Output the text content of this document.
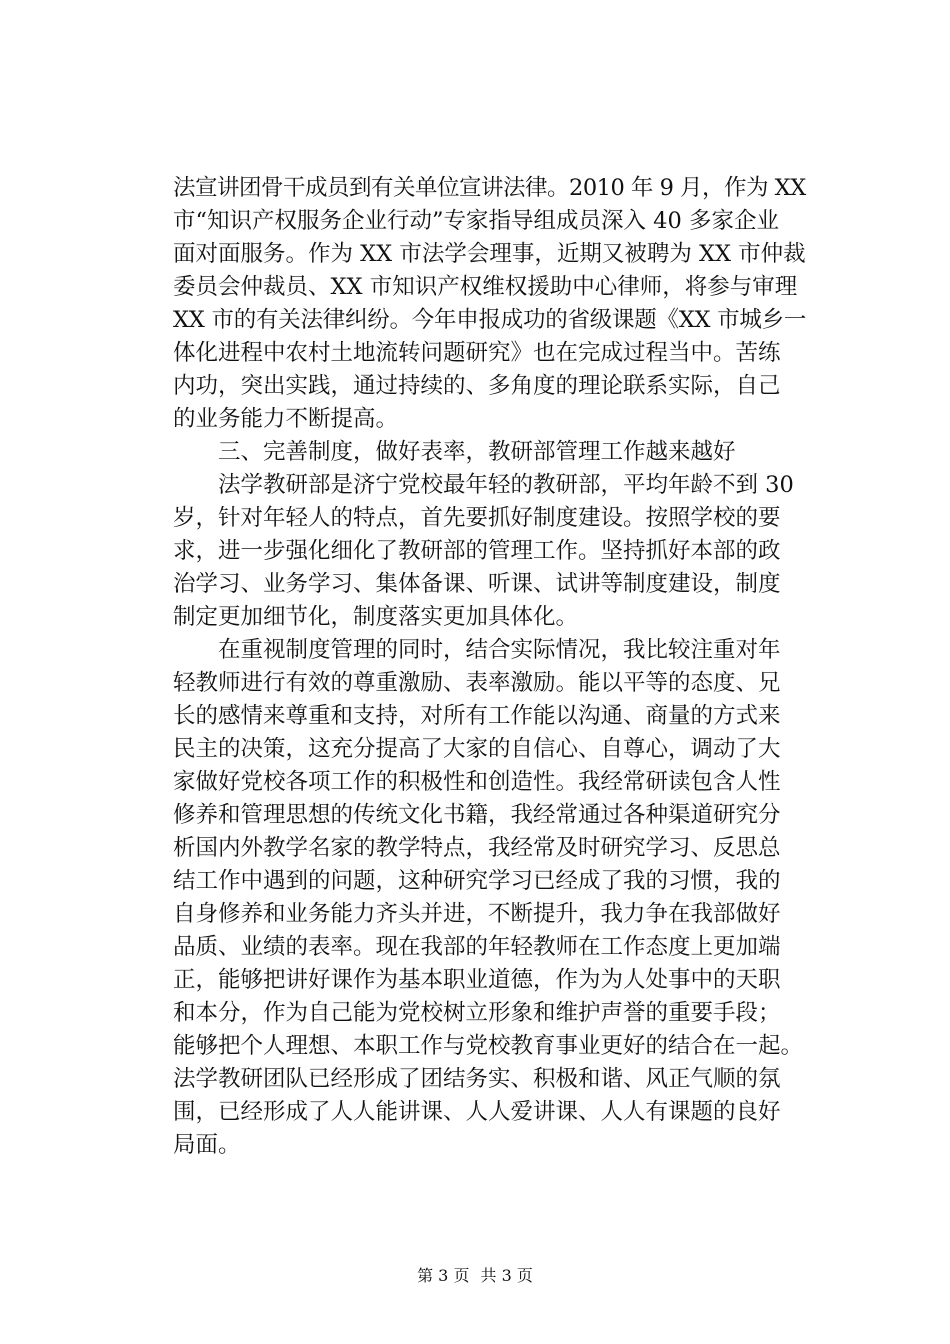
法宣讲团骨干成员到有关单位宣讲法律。2010 年 9 月，作为 XX
市“知识产权服务企业行动”专家指导组成员深入 40 多家企业
面对面服务。作为 XX 市法学会理事，近期又被聘为 XX 市仲裁
委员会仲裁员、XX 市知识产权维权援助中心律师，将参与审理
XX 市的有关法律纠纷。今年申报成功的省级课题《XX 市城乡一
体化进程中农村土地流转问题研究》也在完成过程当中。苦练
内功，突出实践，通过持续的、多角度的理论联系实际，自己
的业务能力不断提高。
三、完善制度，做好表率，教研部管理工作越来越好
法学教研部是济宁党校最年轻的教研部，平均年龄不到 30
岁，针对年轻人的特点，首先要抓好制度建设。按照学校的要
求，进一步强化细化了教研部的管理工作。坚持抓好本部的政
治学习、业务学习、集体备课、听课、试讲等制度建设，制度
制定更加细节化，制度落实更加具体化。
在重视制度管理的同时，结合实际情况，我比较注重对年
轻教师进行有效的尊重激励、表率激励。能以平等的态度、兄
长的感情来尊重和支持，对所有工作能以沟通、商量的方式来
民主的决策，这充分提高了大家的自信心、自尊心，调动了大
家做好党校各项工作的积极性和创造性。我经常研读包含人性
修养和管理思想的传统文化书籍，我经常通过各种渠道研究分
析国内外教学名家的教学特点，我经常及时研究学习、反思总
结工作中遇到的问题，这种研究学习已经成了我的习惯，我的
自身修养和业务能力齐头并进，不断提升，我力争在我部做好
品质、业绩的表率。现在我部的年轻教师在工作态度上更加端
正，能够把讲好课作为基本职业道德，作为为人处事中的天职
和本分，作为自己能为党校树立形象和维护声誉的重要手段；
能够把个人理想、本职工作与党校教育事业更好的结合在一起。
法学教研团队已经形成了团结务实、积极和谐、风正气顺的氛
围，已经形成了人人能讲课、人人爱讲课、人人有课题的良好
局面。
第 3 页 共 3 页
